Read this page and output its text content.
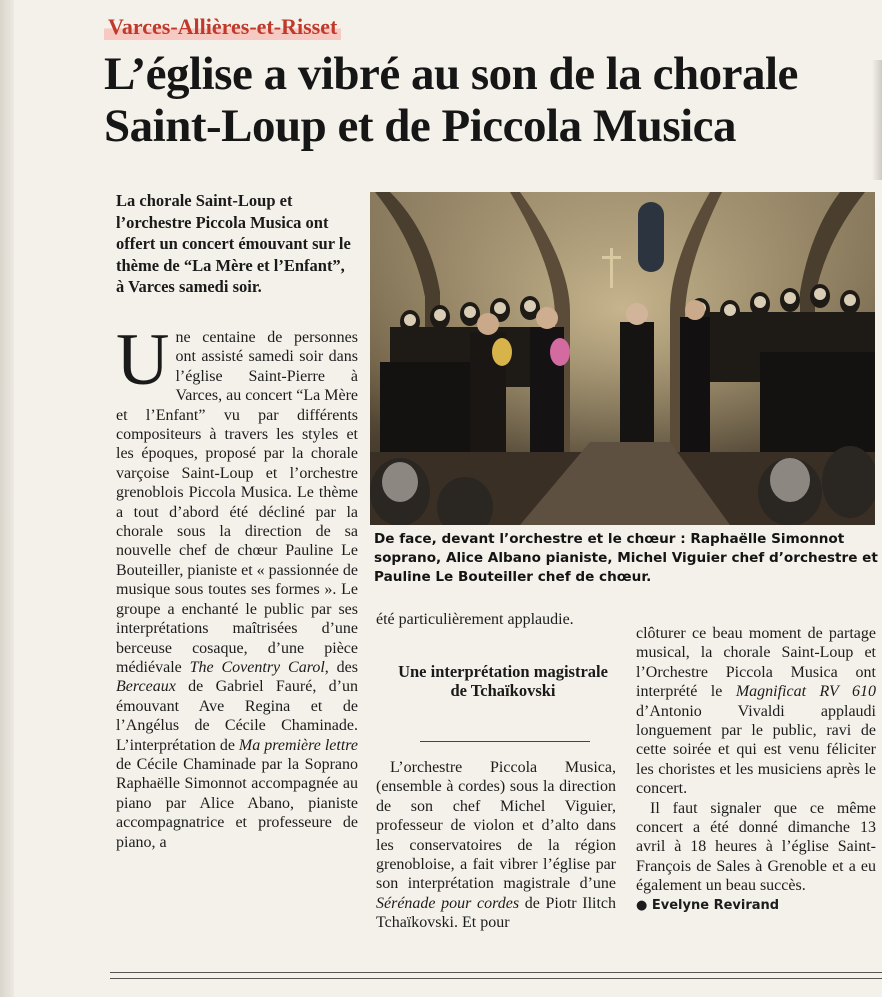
Varces-Allières-et-Risset
L’église a vibré au son de la chorale
Saint-Loup et de Piccola Musica

La chorale Saint-Loup et l’orchestre Piccola Musica ont offert un concert émouvant sur le thème de “La Mère et l’Enfant”, à Varces samedi soir.

De face, devant l’orchestre et le chœur : Raphaëlle Simonnot soprano, Alice Albano pianiste, Michel Viguier chef d’orchestre et Pauline Le Bouteiller chef de chœur.

Une centaine de personnes ont assisté samedi soir dans l’église Saint-Pierre à Varces, au concert “La Mère et l’Enfant” vu par différents compositeurs à travers les styles et les époques, proposé par la chorale varçoise Saint-Loup et l’orchestre grenoblois Piccola Musica. Le thème a tout d’abord été décliné par la chorale sous la direction de sa nouvelle chef de chœur Pauline Le Bouteiller, pianiste et « passionnée de musique sous toutes ses formes ». Le groupe a enchanté le public par ses interprétations maîtrisées d’une berceuse cosaque, d’une pièce médiévale The Coventry Carol, des Berceaux de Gabriel Fauré, d’un émouvant Ave Regina et de l’Angélus de Cécile Chaminade. L’interprétation de Ma première lettre de Cécile Chaminade par la Soprano Raphaëlle Simonnot accompagnée au piano par Alice Abano, pianiste accompagnatrice et professeure de piano, a

été particulièrement applaudie.

Une interprétation magistrale de Tchaïkovski

L’orchestre Piccola Musica, (ensemble à cordes) sous la direction de son chef Michel Viguier, professeur de violon et d’alto dans les conservatoires de la région grenobloise, a fait vibrer l’église par son interprétation magistrale d’une Sérénade pour cordes de Piotr Ilitch Tchaïkovski. Et pour

clôturer ce beau moment de partage musical, la chorale Saint-Loup et l’Orchestre Piccola Musica ont interprété le Magnificat RV 610 d’Antonio Vivaldi applaudi longuement par le public, ravi de cette soirée et qui est venu féliciter les choristes et les musiciens après le concert.

Il faut signaler que ce même concert a été donné dimanche 13 avril à 18 heures à l’église Saint-François de Sales à Grenoble et a eu également un beau succès.

● Evelyne Revirand
